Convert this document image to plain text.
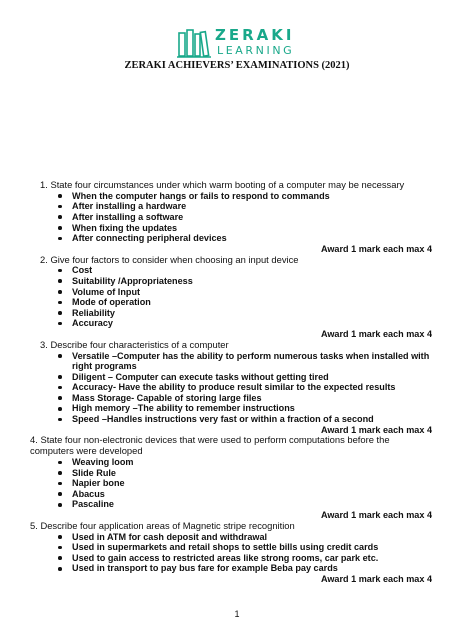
ZERAKI
LEARNING
ZERAKI ACHIEVERS’ EXAMINATIONS (2021)
1. State four circumstances under which warm booting of a computer may be necessary
When the computer hangs or fails to respond to commands
After installing a hardware
After installing a software
When fixing the updates
After connecting peripheral devices
Award 1 mark each max 4
2. Give four factors to consider when choosing an input device
Cost
Suitability /Appropriateness
Volume of Input
Mode of operation
Reliability
Accuracy
Award 1 mark each max 4
3. Describe four characteristics of a computer
Versatile –Computer has the ability to perform numerous tasks when installed with right programs
Diligent – Computer can execute tasks without getting tired
Accuracy- Have the ability to produce result similar to the expected results
Mass Storage- Capable of storing large files
High memory –The ability to remember instructions
Speed –Handles instructions very fast or within a fraction of a second
Award 1 mark each max 4
4. State four non-electronic devices that were used to perform computations before the computers were developed
Weaving loom
Slide Rule
Napier bone
Abacus
Pascaline
Award 1 mark each max 4
5. Describe four application areas of Magnetic stripe recognition
Used in ATM for cash deposit and withdrawal
Used in supermarkets and retail shops to settle bills using credit cards
Used to gain access to restricted areas like strong rooms, car park etc.
Used in transport to pay bus fare for example Beba pay cards
Award 1 mark each max 4
1
